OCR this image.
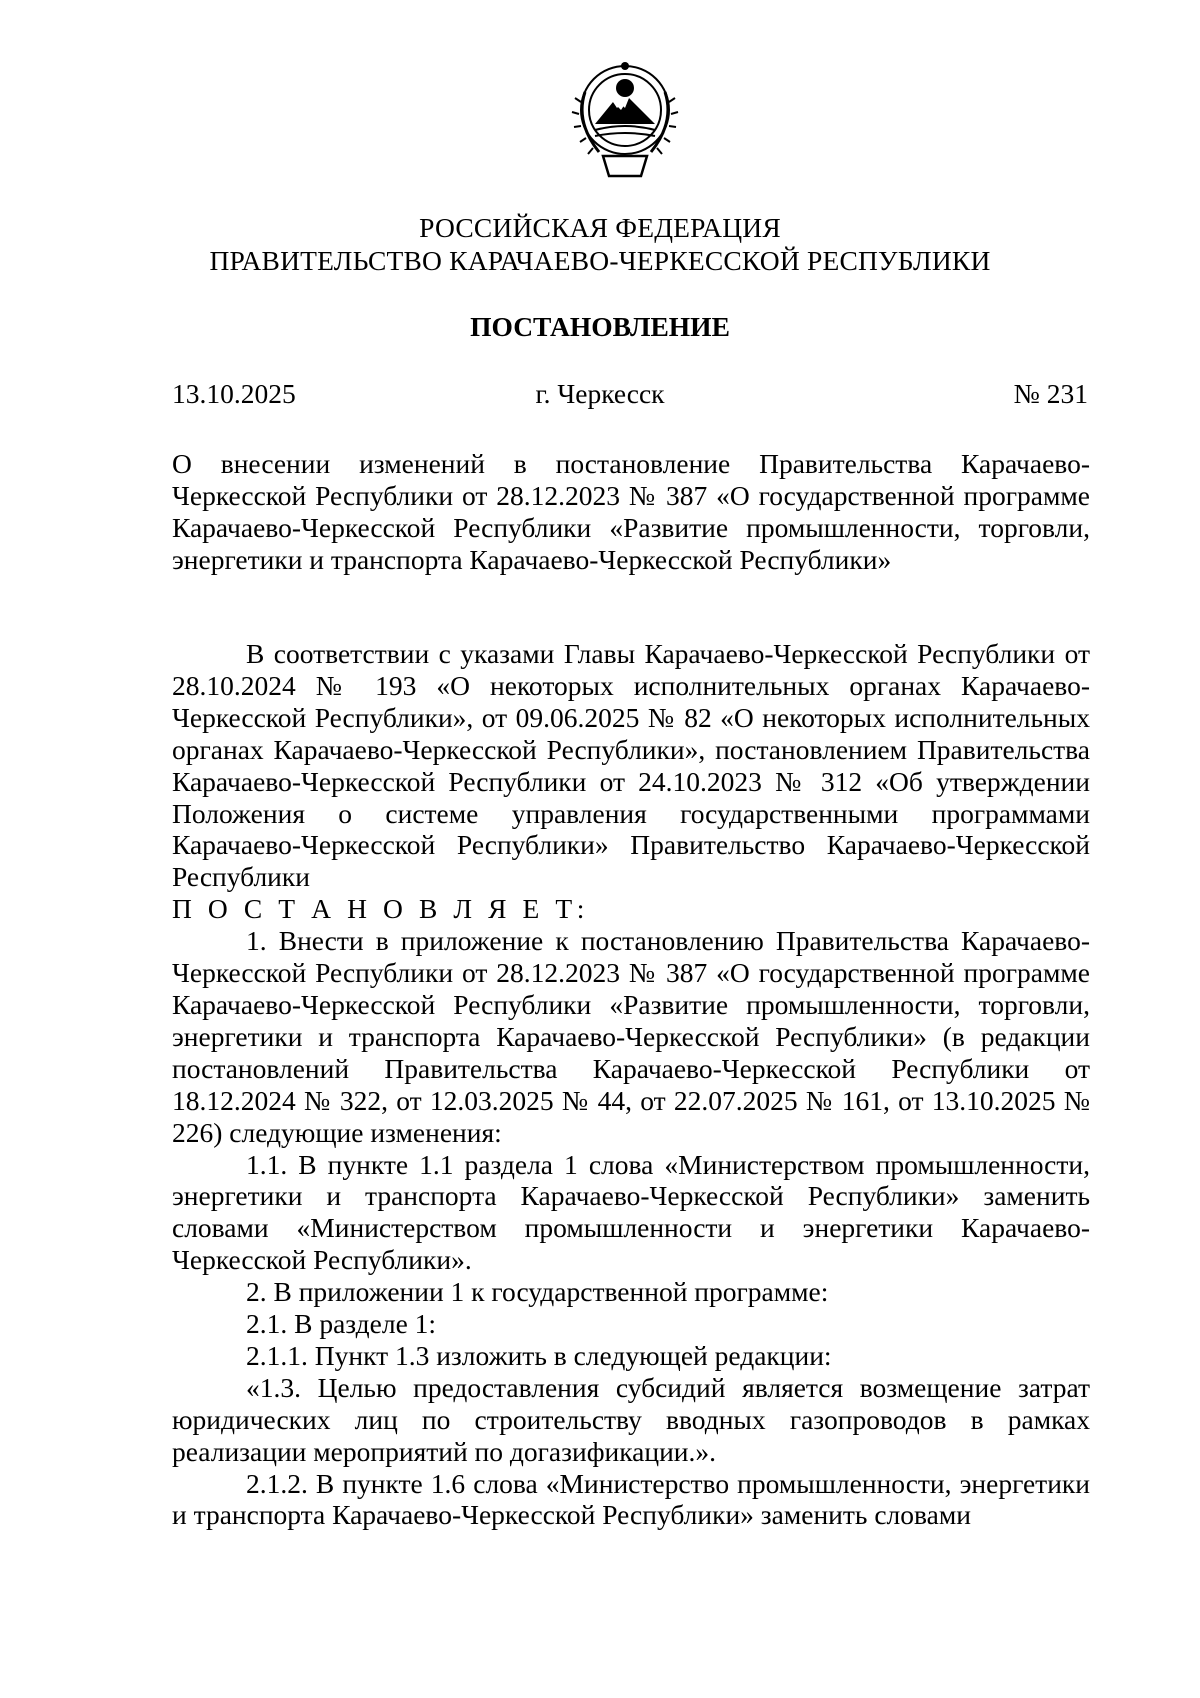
РОССИЙСКАЯ ФЕДЕРАЦИЯ
ПРАВИТЕЛЬСТВО КАРАЧАЕВО-ЧЕРКЕССКОЙ РЕСПУБЛИКИ
ПОСТАНОВЛЕНИЕ
13.10.2025	г. Черкесск	№ 231

О внесении изменений в постановление Правительства Карачаево-Черкесской Республики от 28.12.2023 № 387 «О государственной программе Карачаево-Черкесской Республики «Развитие промышленности, торговли, энергетики и транспорта Карачаево-Черкесской Республики»

В соответствии с указами Главы Карачаево-Черкесской Республики от 28.10.2024 № 193 «О некоторых исполнительных органах Карачаево-Черкесской Республики», от 09.06.2025 № 82 «О некоторых исполнительных органах Карачаево-Черкесской Республики», постановлением Правительства Карачаево-Черкесской Республики от 24.10.2023 № 312 «Об утверждении Положения о системе управления государственными программами Карачаево-Черкесской Республики» Правительство Карачаево-Черкесской Республики

П О С Т А Н О В Л Я Е Т:

1. Внести в приложение к постановлению Правительства Карачаево-Черкесской Республики от 28.12.2023 № 387 «О государственной программе Карачаево-Черкесской Республики «Развитие промышленности, торговли, энергетики и транспорта Карачаево-Черкесской Республики» (в редакции постановлений Правительства Карачаево-Черкесской Республики от 18.12.2024 № 322, от 12.03.2025 № 44, от 22.07.2025 № 161, от 13.10.2025 № 226) следующие изменения:

1.1. В пункте 1.1 раздела 1 слова «Министерством промышленности, энергетики и транспорта Карачаево-Черкесской Республики» заменить словами «Министерством промышленности и энергетики Карачаево-Черкесской Республики».

2. В приложении 1 к государственной программе:

2.1. В разделе 1:

2.1.1. Пункт 1.3 изложить в следующей редакции:

«1.3. Целью предоставления субсидий является возмещение затрат юридических лиц по строительству вводных газопроводов в рамках реализации мероприятий по догазификации.».

2.1.2. В пункте 1.6 слова «Министерство промышленности, энергетики и транспорта Карачаево-Черкесской Республики» заменить словами
